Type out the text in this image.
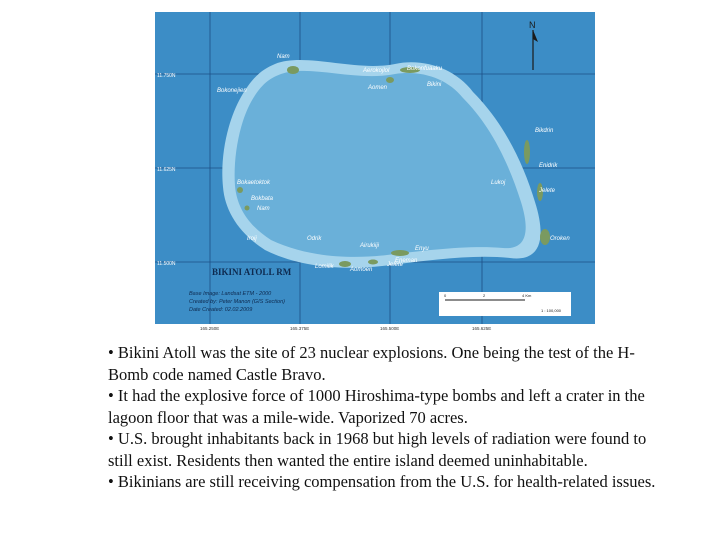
N
11.750N
11.625N
11.500N
Nam
Bokonejien
Aerokojlol	Bokonfuaaku
Bikini
Aomen
Bikdrin
Enidrik
Lukoj
Jelete
Oroken
Bokaetoktok
Bokbata
Nam
Iroij	Odrik
Lomilik	Aomoen
Jelete
Enyu
Airukiiji
Eneman
BIKINI ATOLL RM
Base Image: Landsat ETM - 2000
Created by: Peter Manon (GIS Section)
Date Created: 02.02.2009
0	2	4 Km
1 : 100,000
165.250E	165.375E	165.500E	165.625E

• Bikini Atoll was the site of 23 nuclear explosions. One being the test of the H-Bomb code named Castle Bravo.

• It had the explosive force of 1000 Hiroshima-type bombs and left a crater in the lagoon floor that was a mile-wide. Vaporized 70 acres.

• U.S. brought inhabitants back in 1968 but high levels of radiation were found to still exist. Residents then wanted the entire island deemed uninhabitable.

• Bikinians are still receiving compensation from the U.S. for health-related issues.
